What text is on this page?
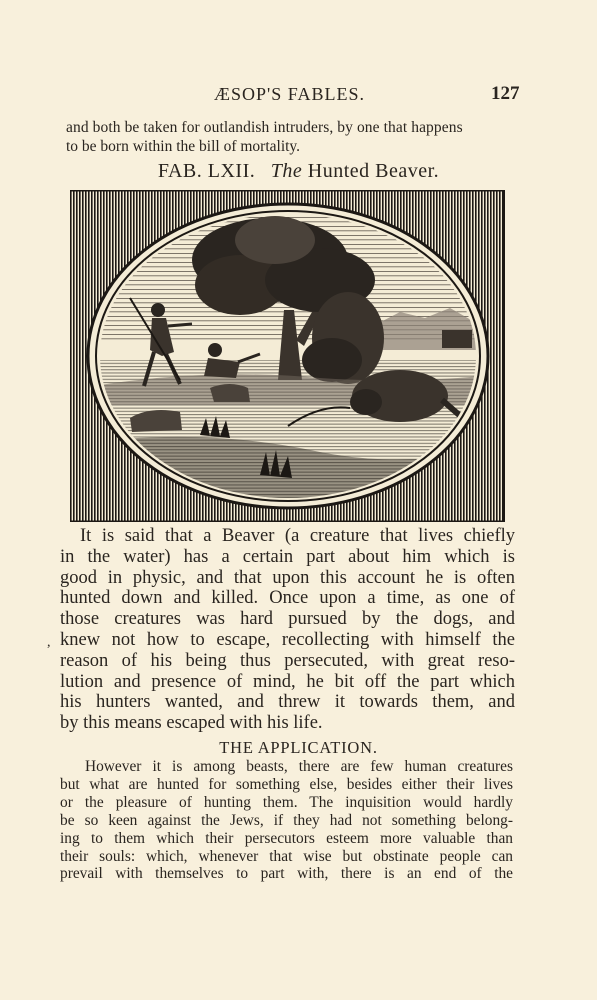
ÆSOP'S FABLES.	127
and both be taken for outlandish intruders, by one that happens
to be born within the bill of mortality.
FAB. LXII. The Hunted Beaver.
It is said that a Beaver (a creature that lives chiefly
in the water) has a certain part about him which is
good in physic, and that upon this account he is often
hunted down and killed. Once upon a time, as one of
those creatures was hard pursued by the dogs, and
knew not how to escape, recollecting with himself the
reason of his being thus persecuted, with great reso-
lution and presence of mind, he bit off the part which
his hunters wanted, and threw it towards them, and
by this means escaped with his life.
,
THE APPLICATION.
However it is among beasts, there are few human creatures
but what are hunted for something else, besides either their lives
or the pleasure of hunting them. The inquisition would hardly
be so keen against the Jews, if they had not something belong-
ing to them which their persecutors esteem more valuable than
their souls: which, whenever that wise but obstinate people can
prevail with themselves to part with, there is an end of the
